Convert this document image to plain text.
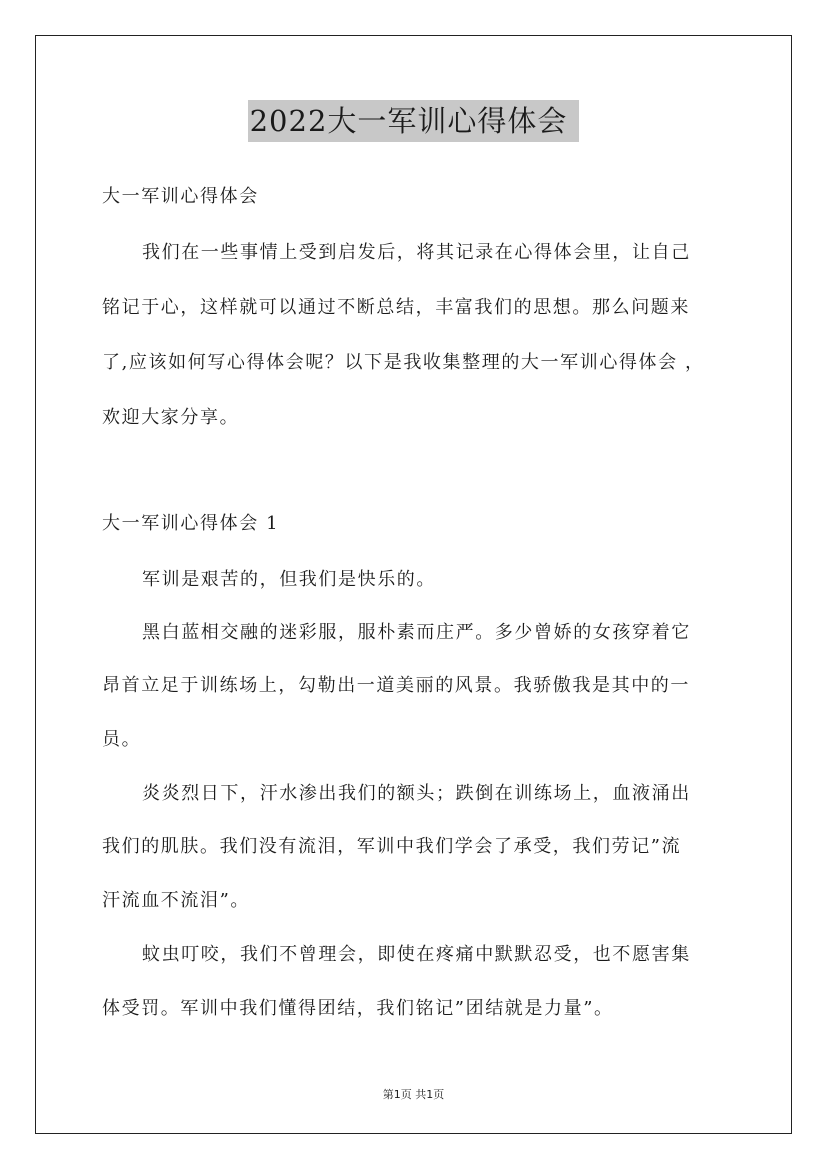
2022大一军训心得体会
大一军训心得体会
我们在一些事情上受到启发后，将其记录在心得体会里，让自己
铭记于心，这样就可以通过不断总结，丰富我们的思想。那么问题来
了,应该如何写心得体会呢？以下是我收集整理的大一军训心得体会 ，
欢迎大家分享。
大一军训心得体会 1
军训是艰苦的，但我们是快乐的。
黑白蓝相交融的迷彩服，服朴素而庄严。多少曾娇的女孩穿着它
昂首立足于训练场上，勾勒出一道美丽的风景。我骄傲我是其中的一
员。
炎炎烈日下，汗水渗出我们的额头；跌倒在训练场上，血液涌出
我们的肌肤。我们没有流泪，军训中我们学会了承受，我们劳记”流
汗流血不流泪”。
蚊虫叮咬，我们不曾理会，即使在疼痛中默默忍受，也不愿害集
体受罚。军训中我们懂得团结，我们铭记”团结就是力量”。
第1页 共1页
